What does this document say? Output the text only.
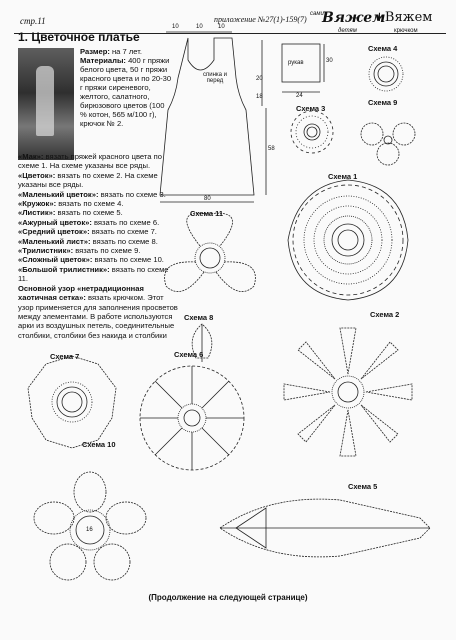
стр.11	приложение №27(1)-159(7)
сами
Вяжем
+Вяжем
детям	крючком
1. Цветочное платье
Размер: на 7 лет.
Материалы: 400 г пряжи белого цвета, 50 г пряжи красного цвета и по 20-30 г пряжи сиреневого, желтого, салатного, бирюзового цветов (100 % котон, 565 м/100 г), крючок № 2.
«Мак»: вязать пряжей красного цвета по схеме 1. На схеме указаны все ряды.
«Цветок»: вязать по схеме 2. На схеме указаны все ряды.
«Маленький цветок»: вязать по схеме 3.
«Кружок»: вязать по схеме 4.
«Листик»: вязать по схеме 5.
«Ажурный цветок»: вязать по схеме 6.
«Средний цветок»: вязать по схеме 7.
«Маленький лист»: вязать по схеме 8.
«Трилистник»: вязать по схеме 9.
«Сложный цветок»: вязать по схеме 10.
«Большой трилистник»: вязать по схеме 11.
Основной узор «нетрадиционная хаотичная сетка»: вязать крючком. Этот узор применяется для заполнения просветов между элементами. В работе используются арки из воздушных петель, соединительные столбики, столбики без накида и столбики
спинка и перед
рукав
10	10	10
20
18
58
80
30
24
Схема 4
Схема 9
Схема 3
Схема 1
Схема 11
Схема 8	Схема 2
Схема 6
Схема 7
Схема 10
Схема 5
16
(Продолжение на следующей странице)
